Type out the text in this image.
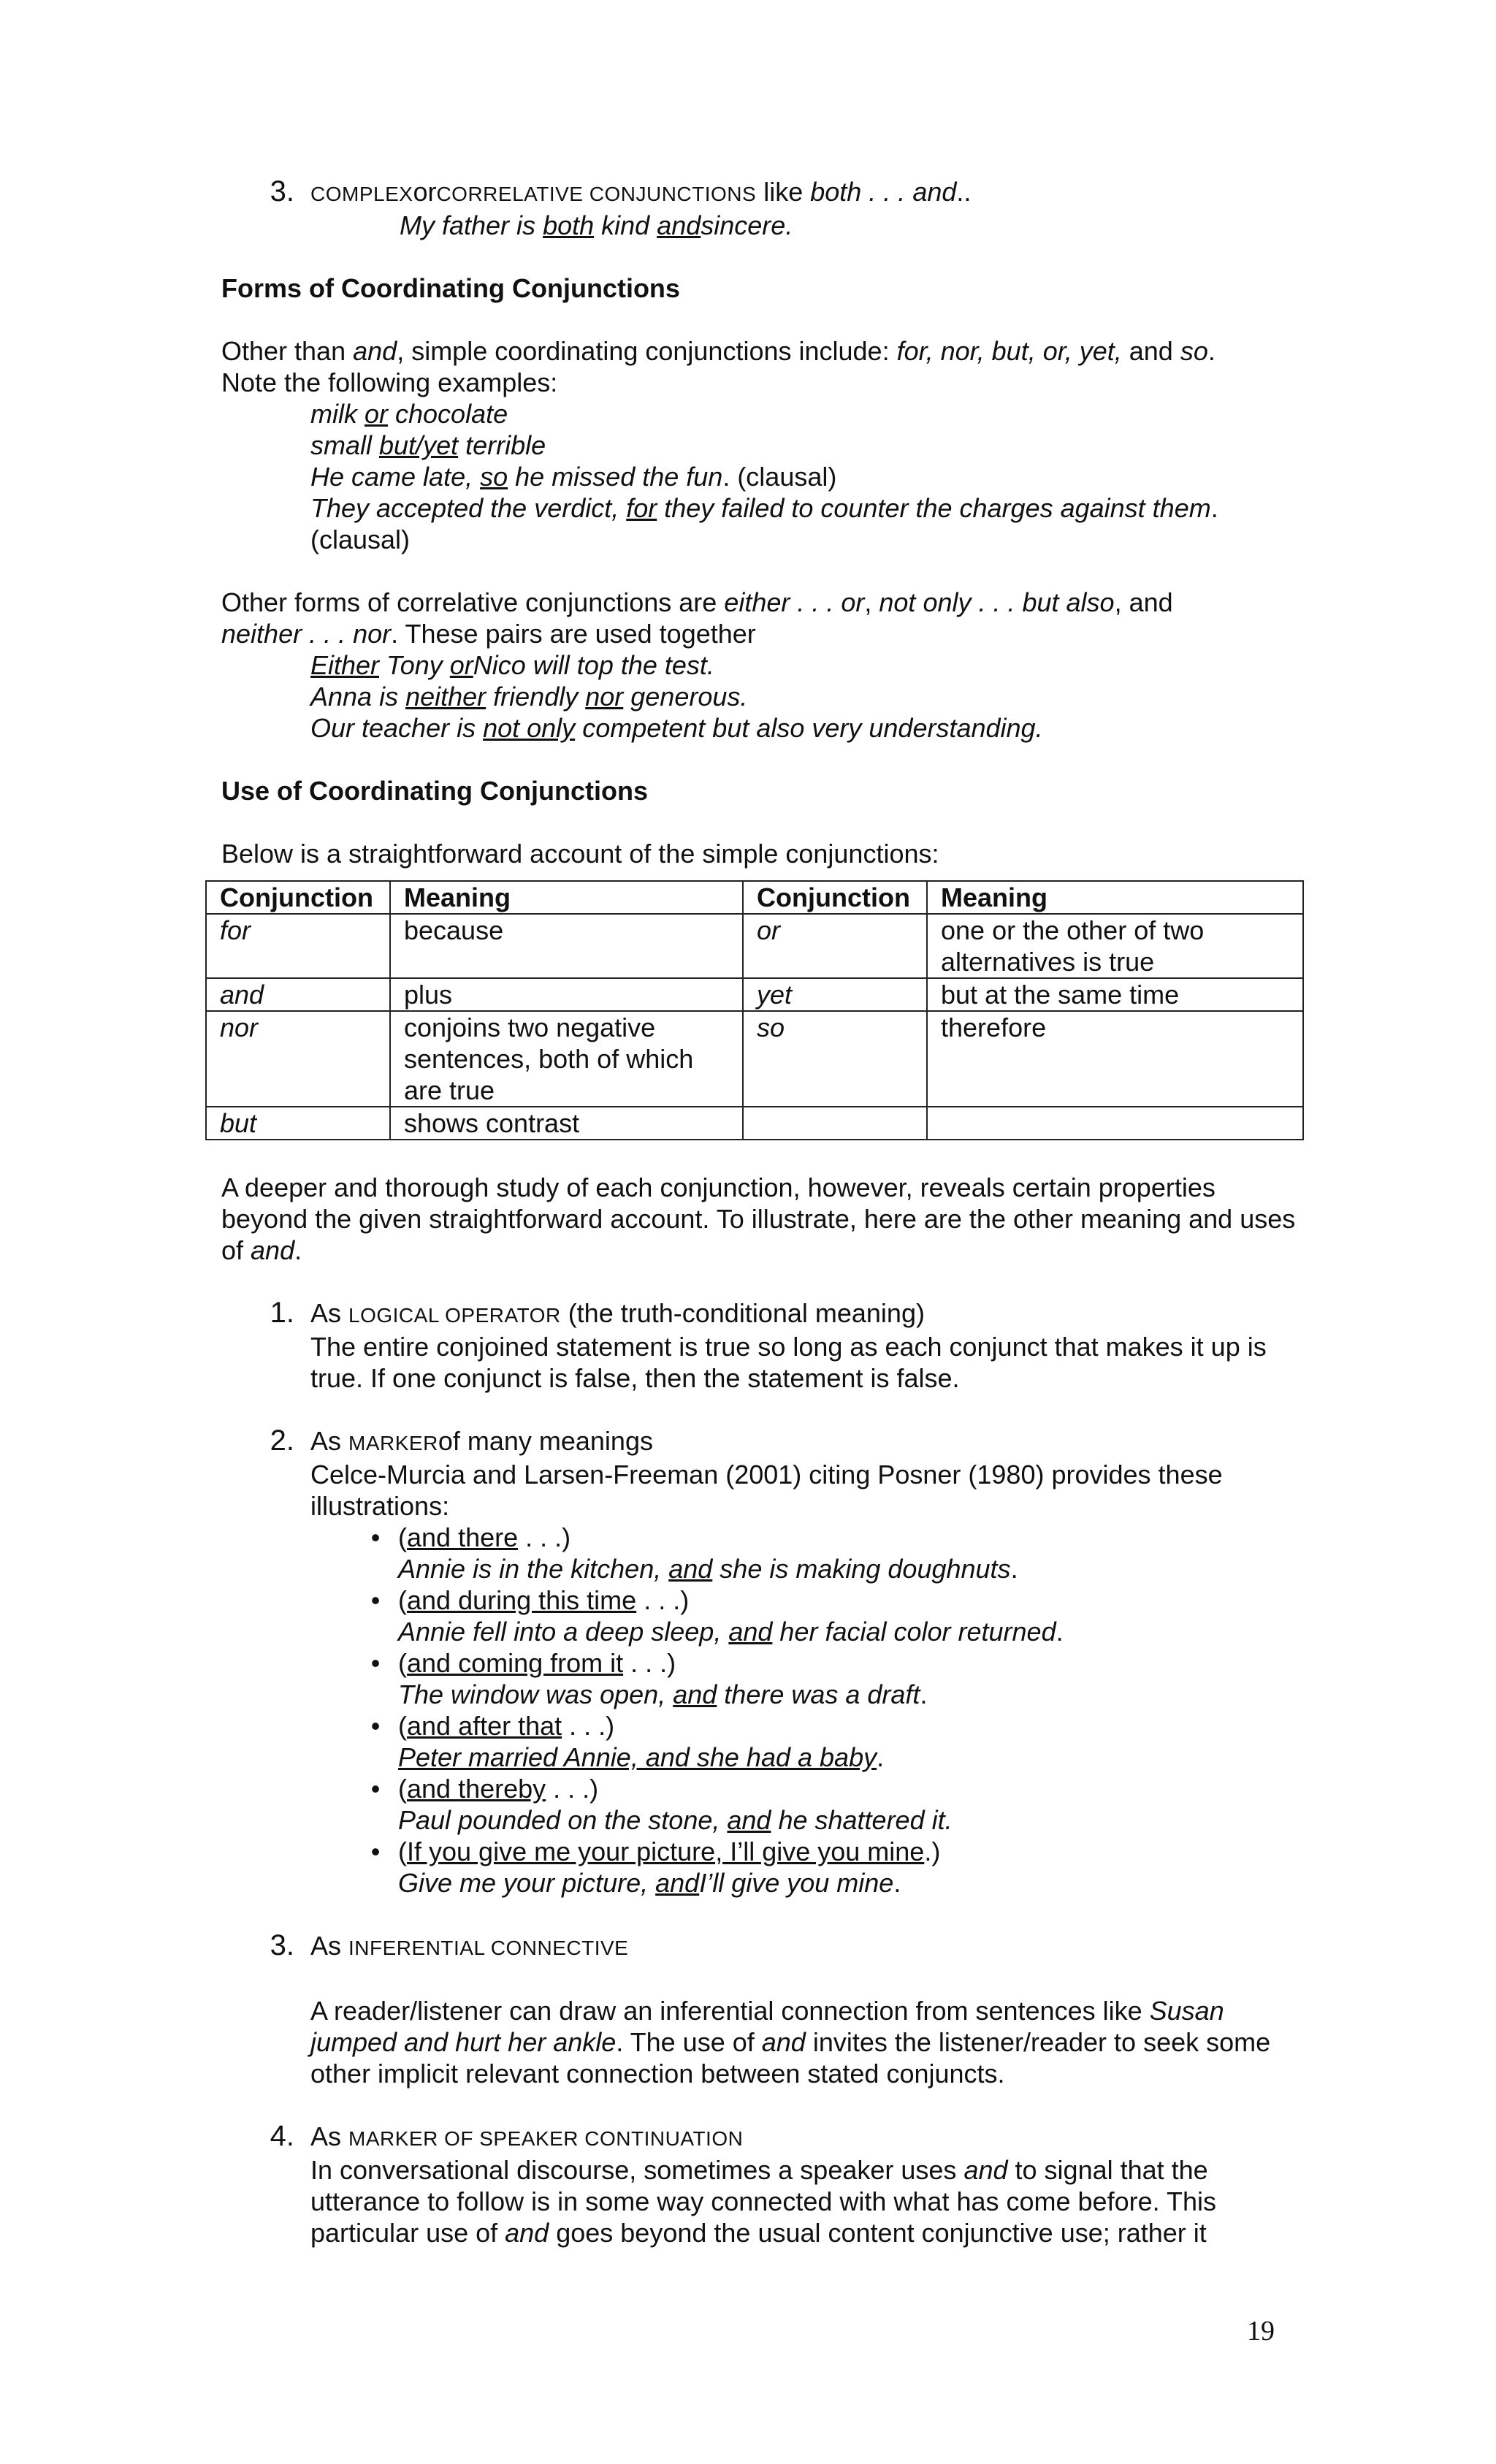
3. COMPLEXorCORRELATIVE CONJUNCTIONS like both . . . and..

My father is both kind andsincere.

Forms of Coordinating Conjunctions

Other than and, simple coordinating conjunctions include: for, nor, but, or, yet, and so.

Note the following examples:

milk or chocolate

small but/yet terrible

He came late, so he missed the fun. (clausal)

They accepted the verdict, for they failed to counter the charges against them.

(clausal)

Other forms of correlative conjunctions are either . . . or, not only . . . but also, and
neither . . . nor. These pairs are used together

Either Tony orNico will top the test.

Anna is neither friendly nor generous.

Our teacher is not only competent but also very understanding.

Use of Coordinating Conjunctions

Below is a straightforward account of the simple conjunctions:

Conjunction	Meaning	Conjunction	Meaning
for	because	or	one or the other of two alternatives is true
and	plus	yet	but at the same time
nor	conjoins two negative sentences, both of which are true	so	therefore
but	shows contrast		

A deeper and thorough study of each conjunction, however, reveals certain properties beyond the given straightforward account. To illustrate, here are the other meaning and uses of and.

1. As LOGICAL OPERATOR (the truth-conditional meaning)

The entire conjoined statement is true so long as each conjunct that makes it up is true. If one conjunct is false, then the statement is false.

2. As MARKERof many meanings

Celce-Murcia and Larsen-Freeman (2001) citing Posner (1980) provides these illustrations:

• (and there . . .)

Annie is in the kitchen, and she is making doughnuts.

• (and during this time . . .)

Annie fell into a deep sleep, and her facial color returned.

• (and coming from it . . .)

The window was open, and there was a draft.

• (and after that . . .)

Peter married Annie, and she had a baby.

• (and thereby . . .)

Paul pounded on the stone, and he shattered it.

• (If you give me your picture, I’ll give you mine.)

Give me your picture, andI’ll give you mine.

3. As INFERENTIAL CONNECTIVE

A reader/listener can draw an inferential connection from sentences like Susan jumped and hurt her ankle. The use of and invites the listener/reader to seek some other implicit relevant connection between stated conjuncts.

4. As MARKER OF SPEAKER CONTINUATION

In conversational discourse, sometimes a speaker uses and to signal that the utterance to follow is in some way connected with what has come before. This particular use of and goes beyond the usual content conjunctive use; rather it

19
